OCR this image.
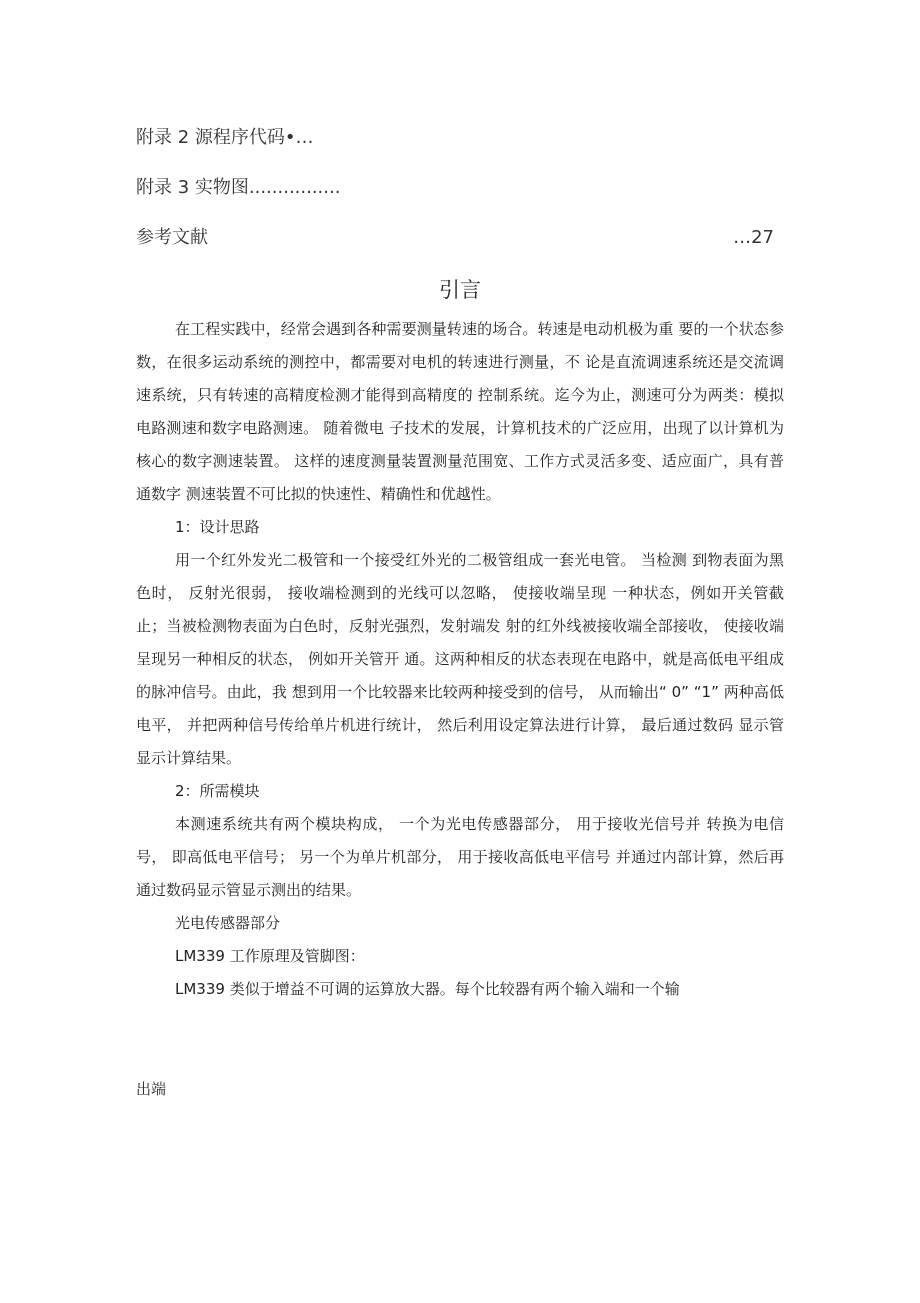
附录 2 源程序代码•…
附录 3 实物图................
参考文献	…27
引言

在工程实践中，经常会遇到各种需要测量转速的场合。转速是电动机极为重 要的一个状态参数，在很多运动系统的测控中，都需要对电机的转速进行测量，不 论是直流调速系统还是交流调速系统，只有转速的高精度检测才能得到高精度的 控制系统。迄今为止，测速可分为两类：模拟电路测速和数字电路测速。 随着微电 子技术的发展，计算机技术的广泛应用，出现了以计算机为核心的数字测速装置。 这样的速度测量装置测量范围宽、工作方式灵活多变、适应面广，具有普通数字 测速装置不可比拟的快速性、精确性和优越性。

1：设计思路

用一个红外发光二极管和一个接受红外光的二极管组成一套光电管。 当检测 到物表面为黑色时， 反射光很弱， 接收端检测到的光线可以忽略， 使接收端呈现 一种状态，例如开关管截止；当被检测物表面为白色时，反射光强烈，发射端发 射的红外线被接收端全部接收， 使接收端呈现另一种相反的状态， 例如开关管开 通。这两种相反的状态表现在电路中，就是高低电平组成的脉冲信号。由此，我 想到用一个比较器来比较两种接受到的信号， 从而输出“ 0” “1” 两种高低电平， 并把两种信号传给单片机进行统计， 然后利用设定算法进行计算， 最后通过数码 显示管显示计算结果。

2：所需模块

本测速系统共有两个模块构成， 一个为光电传感器部分， 用于接收光信号并 转换为电信号， 即高低电平信号； 另一个为单片机部分， 用于接收高低电平信号 并通过内部计算，然后再通过数码显示管显示测出的结果。

光电传感器部分

LM339 工作原理及管脚图：

LM339 类似于增益不可调的运算放大器。每个比较器有两个输入端和一个输

出端
